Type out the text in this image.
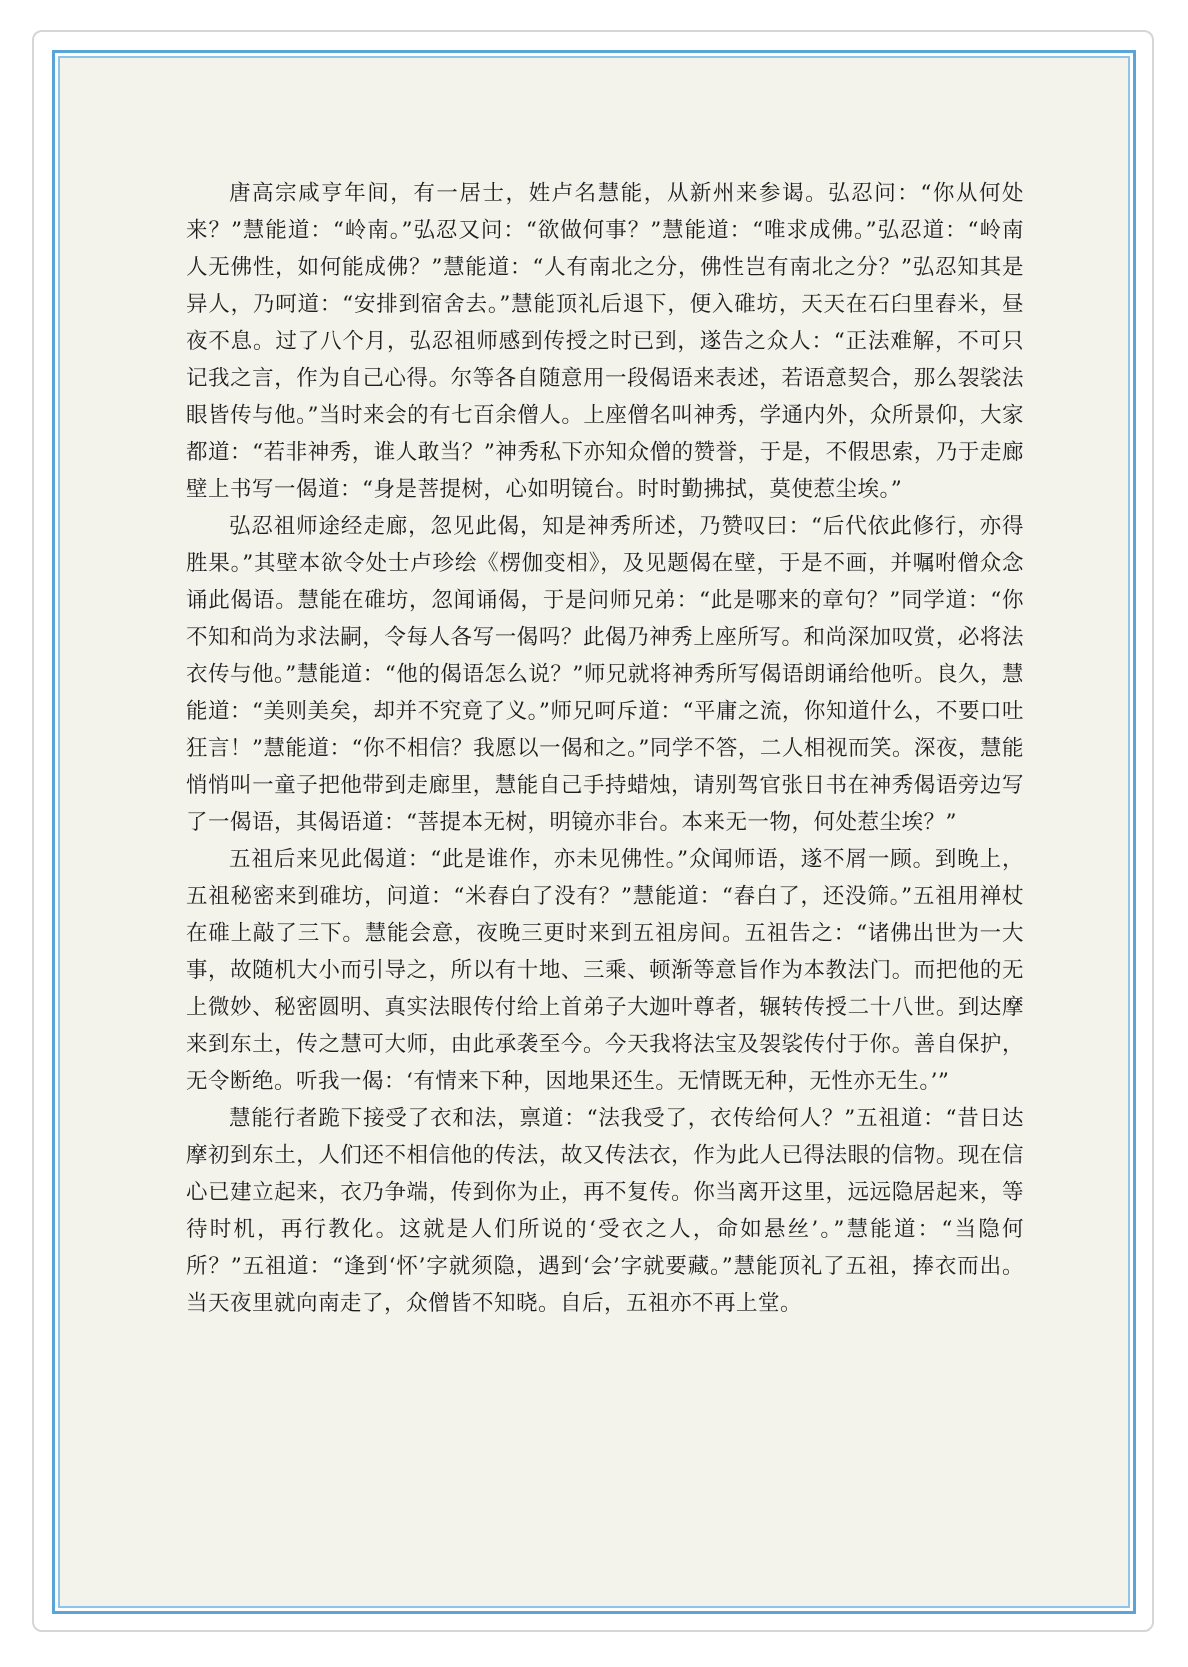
唐高宗咸亨年间，有一居士，姓卢名慧能，从新州来参谒。弘忍问：“你从何处来？”慧能道：“岭南。”弘忍又问：“欲做何事？”慧能道：“唯求成佛。”弘忍道：“岭南人无佛性，如何能成佛？”慧能道：“人有南北之分，佛性岂有南北之分？”弘忍知其是异人，乃呵道：“安排到宿舍去。”慧能顶礼后退下，便入碓坊，天天在石臼里舂米，昼夜不息。过了八个月，弘忍祖师感到传授之时已到，遂告之众人：“正法难解，不可只记我之言，作为自己心得。尔等各自随意用一段偈语来表述，若语意契合，那么袈裟法眼皆传与他。”当时来会的有七百余僧人。上座僧名叫神秀，学通内外，众所景仰，大家都道：“若非神秀，谁人敢当？”神秀私下亦知众僧的赞誉，于是，不假思索，乃于走廊壁上书写一偈道：“身是菩提树，心如明镜台。时时勤拂拭，莫使惹尘埃。”

弘忍祖师途经走廊，忽见此偈，知是神秀所述，乃赞叹曰：“后代依此修行，亦得胜果。”其壁本欲令处士卢珍绘《楞伽变相》，及见题偈在壁，于是不画，并嘱咐僧众念诵此偈语。慧能在碓坊，忽闻诵偈，于是问师兄弟：“此是哪来的章句？”同学道：“你不知和尚为求法嗣，令每人各写一偈吗？此偈乃神秀上座所写。和尚深加叹赏，必将法衣传与他。”慧能道：“他的偈语怎么说？”师兄就将神秀所写偈语朗诵给他听。良久，慧能道：“美则美矣，却并不究竟了义。”师兄呵斥道：“平庸之流，你知道什么，不要口吐狂言！”慧能道：“你不相信？我愿以一偈和之。”同学不答，二人相视而笑。深夜，慧能悄悄叫一童子把他带到走廊里，慧能自己手持蜡烛，请别驾官张日书在神秀偈语旁边写了一偈语，其偈语道：“菩提本无树，明镜亦非台。本来无一物，何处惹尘埃？”

五祖后来见此偈道：“此是谁作，亦未见佛性。”众闻师语，遂不屑一顾。到晚上，五祖秘密来到碓坊，问道：“米舂白了没有？”慧能道：“舂白了，还没筛。”五祖用禅杖在碓上敲了三下。慧能会意，夜晚三更时来到五祖房间。五祖告之：“诸佛出世为一大事，故随机大小而引导之，所以有十地、三乘、顿渐等意旨作为本教法门。而把他的无上微妙、秘密圆明、真实法眼传付给上首弟子大迦叶尊者，辗转传授二十八世。到达摩来到东土，传之慧可大师，由此承袭至今。今天我将法宝及袈裟传付于你。善自保护，无令断绝。听我一偈：‘有情来下种，因地果还生。无情既无种，无性亦无生。’”

慧能行者跪下接受了衣和法，禀道：“法我受了，衣传给何人？”五祖道：“昔日达摩初到东土，人们还不相信他的传法，故又传法衣，作为此人已得法眼的信物。现在信心已建立起来，衣乃争端，传到你为止，再不复传。你当离开这里，远远隐居起来，等待时机，再行教化。这就是人们所说的‘受衣之人，命如悬丝’。”慧能道：“当隐何所？”五祖道：“逢到‘怀’字就须隐，遇到‘会’字就要藏。”慧能顶礼了五祖，捧衣而出。当天夜里就向南走了，众僧皆不知晓。自后，五祖亦不再上堂。
